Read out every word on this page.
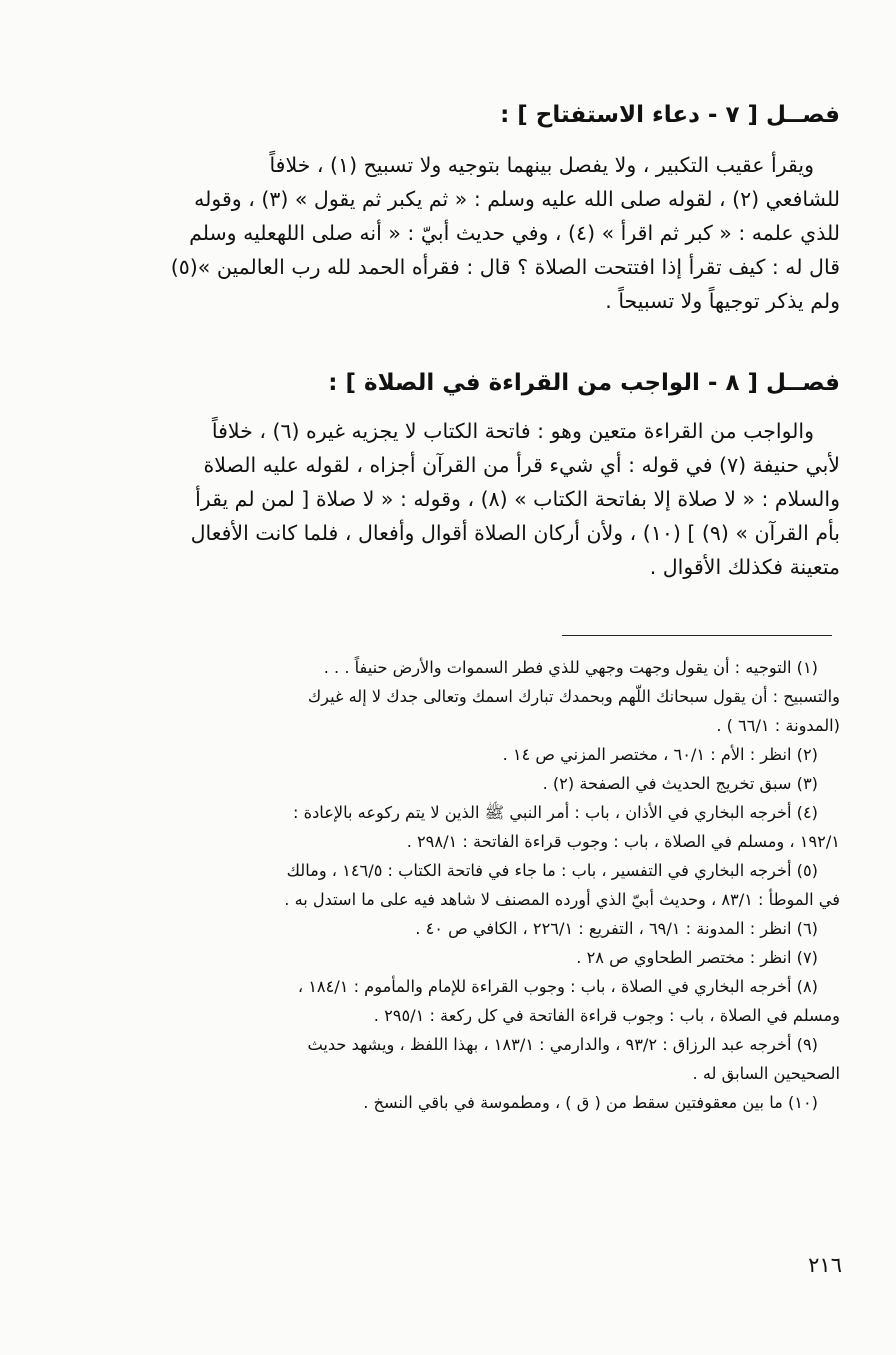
فصــل [ ٧ - دعاء الاستفتاح ] :
ويقرأ عقيب التكبير ، ولا يفصل بينهما بتوجيه ولا تسبيح (١) ، خلافاً
للشافعي (٢) ، لقوله صلى الله عليه وسلم : « ثم يكبر ثم يقول » (٣) ، وقوله
للذي علمه : « كبر ثم اقرأ » (٤) ، وفي حديث أبيّ : « أنه صلى اللهعليه وسلم
قال له : كيف تقرأ إذا افتتحت الصلاة ؟ قال : فقرأه الحمد لله رب العالمين »(٥)
ولم يذكر توجيهاً ولا تسبيحاً .
فصــل [ ٨ - الواجب من القراءة في الصلاة ] :
والواجب من القراءة متعين وهو : فاتحة الكتاب لا يجزيه غيره (٦) ، خلافاً
لأبي حنيفة (٧) في قوله : أي شيء قرأ من القرآن أجزاه ، لقوله عليه الصلاة
والسلام : « لا صلاة إلا بفاتحة الكتاب » (٨) ، وقوله : « لا صلاة [ لمن لم يقرأ
بأم القرآن » (٩) ] (١٠) ، ولأن أركان الصلاة أقوال وأفعال ، فلما كانت الأفعال
متعينة فكذلك الأقوال .
(١) التوجيه : أن يقول وجهت وجهي للذي فطر السموات والأرض حنيفاً . . .
والتسبيح : أن يقول سبحانك اللّهم وبحمدك تبارك اسمك وتعالى جدك لا إله غيرك
(المدونة : ٦٦/١ ) .
(٢) انظر : الأم : ٦٠/١ ، مختصر المزني ص ١٤ .
(٣) سبق تخريج الحديث في الصفحة (٢) .
(٤) أخرجه البخاري في الأذان ، باب : أمر النبي ﷺ الذين لا يتم ركوعه بالإعادة :
١٩٢/١ ، ومسلم في الصلاة ، باب : وجوب قراءة الفاتحة : ٢٩٨/١ .
(٥) أخرجه البخاري في التفسير ، باب : ما جاء في فاتحة الكتاب : ١٤٦/٥ ، ومالك
في الموطأ : ٨٣/١ ، وحديث أبيّ الذي أورده المصنف لا شاهد فيه على ما استدل به .
(٦) انظر : المدونة : ٦٩/١ ، التفريع : ٢٢٦/١ ، الكافي ص ٤٠ .
(٧) انظر : مختصر الطحاوي ص ٢٨ .
(٨) أخرجه البخاري في الصلاة ، باب : وجوب القراءة للإمام والمأموم : ١٨٤/١ ،
ومسلم في الصلاة ، باب : وجوب قراءة الفاتحة في كل ركعة : ٢٩٥/١ .
(٩) أخرجه عبد الرزاق : ٩٣/٢ ، والدارمي : ١٨٣/١ ، بهذا اللفظ ، ويشهد حديث
الصحيحين السابق له .
(١٠) ما بين معقوفتين سقط من ( ق ) ، ومطموسة في باقي النسخ .
٢١٦
